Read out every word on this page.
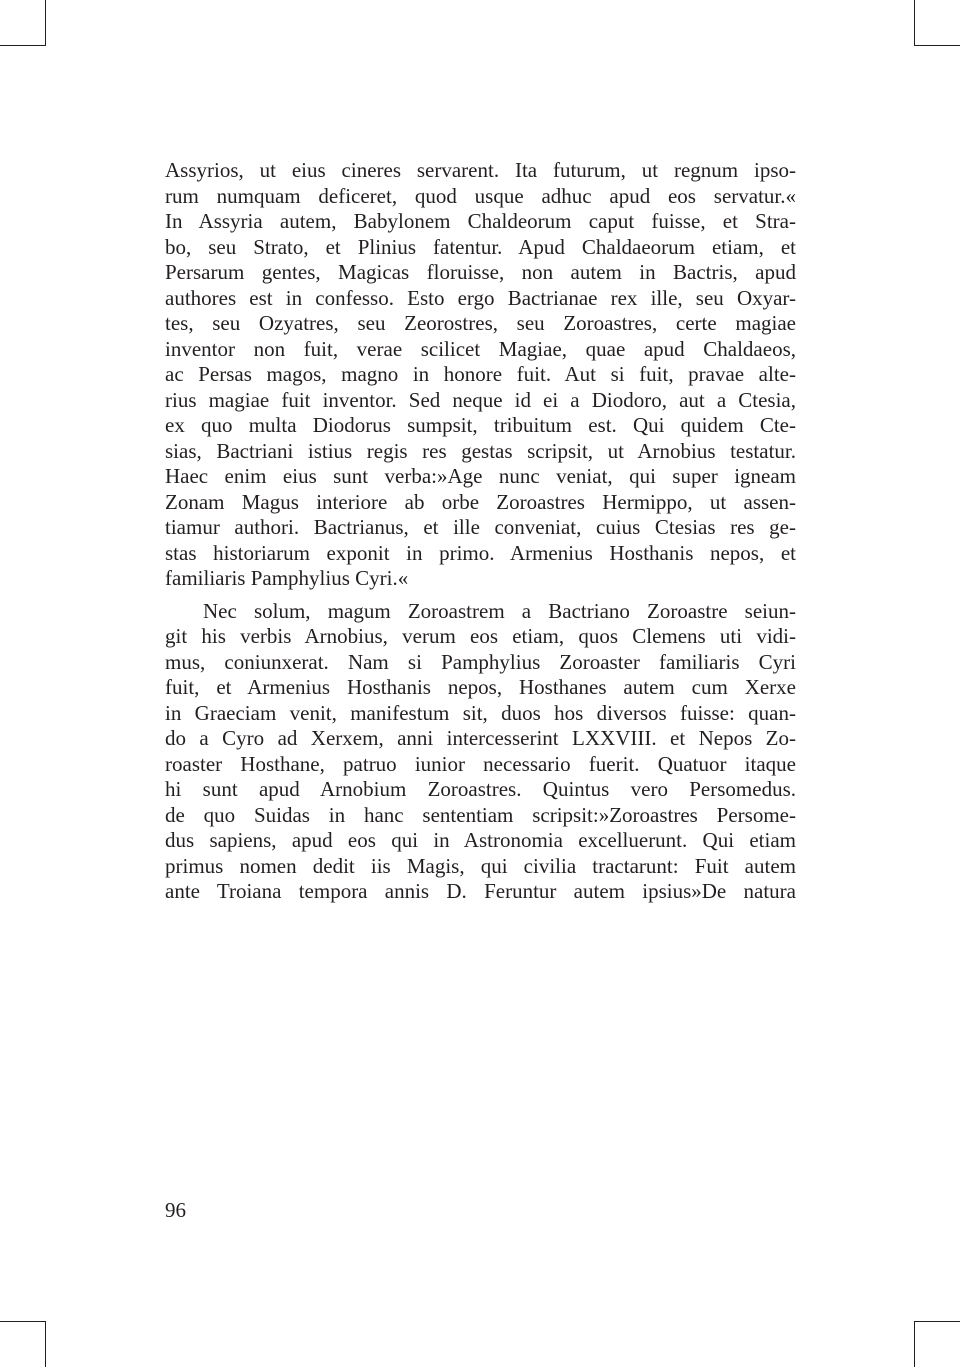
Assyrios, ut eius cineres servarent. Ita futurum, ut regnum ipso-
rum numquam deficeret, quod usque adhuc apud eos servatur.«
In Assyria autem, Babylonem Chaldeorum caput fuisse, et Stra-
bo, seu Strato, et Plinius fatentur. Apud Chaldaeorum etiam, et
Persarum gentes, Magicas floruisse, non autem in Bactris, apud
authores est in confesso. Esto ergo Bactrianae rex ille, seu Oxyar-
tes, seu Ozyatres, seu Zeorostres, seu Zoroastres, certe magiae
inventor non fuit, verae scilicet Magiae, quae apud Chaldaeos,
ac Persas magos, magno in honore fuit. Aut si fuit, pravae alte-
rius magiae fuit inventor. Sed neque id ei a Diodoro, aut a Ctesia,
ex quo multa Diodorus sumpsit, tribuitum est. Qui quidem Cte-
sias, Bactriani istius regis res gestas scripsit, ut Arnobius testatur.
Haec enim eius sunt verba:»Age nunc veniat, qui super igneam
Zonam Magus interiore ab orbe Zoroastres Hermippo, ut assen-
tiamur authori. Bactrianus, et ille conveniat, cuius Ctesias res ge-
stas historiarum exponit in primo. Armenius Hosthanis nepos, et
familiaris Pamphylius Cyri.«
Nec solum, magum Zoroastrem a Bactriano Zoroastre seiun-
git his verbis Arnobius, verum eos etiam, quos Clemens uti vidi-
mus, coniunxerat. Nam si Pamphylius Zoroaster familiaris Cyri
fuit, et Armenius Hosthanis nepos, Hosthanes autem cum Xerxe
in Graeciam venit, manifestum sit, duos hos diversos fuisse: quan-
do a Cyro ad Xerxem, anni intercesserint LXXVIII. et Nepos Zo-
roaster Hosthane, patruo iunior necessario fuerit. Quatuor itaque
hi sunt apud Arnobium Zoroastres. Quintus vero Persomedus.
de quo Suidas in hanc sententiam scripsit:»Zoroastres Persome-
dus sapiens, apud eos qui in Astronomia excelluerunt. Qui etiam
primus nomen dedit iis Magis, qui civilia tractarunt: Fuit autem
ante Troiana tempora annis D. Feruntur autem ipsius»De natura
96
